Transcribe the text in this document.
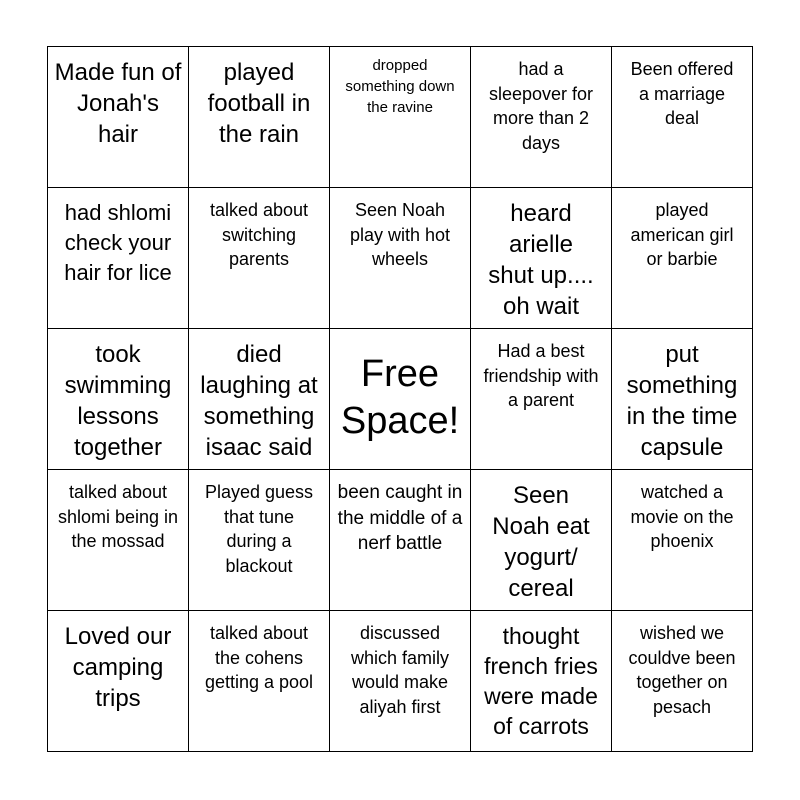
Made fun of Jonah's hair
played football in the rain
dropped something down the ravine
had a sleepover for more than 2 days
Been offered a marriage deal
had shlomi check your hair for lice
talked about switching parents
Seen Noah play with hot wheels
heard arielle shut up.... oh wait
played american girl or barbie
took swimming lessons together
died laughing at something isaac said
Free Space!
Had a best friendship with a parent
put something in the time capsule
talked about shlomi being in the mossad
Played guess that tune during a blackout
been caught in the middle of a nerf battle
Seen Noah eat yogurt/ cereal
watched a movie on the phoenix
Loved our camping trips
talked about the cohens getting a pool
discussed which family would make aliyah first
thought french fries were made of carrots
wished we couldve been together on pesach
